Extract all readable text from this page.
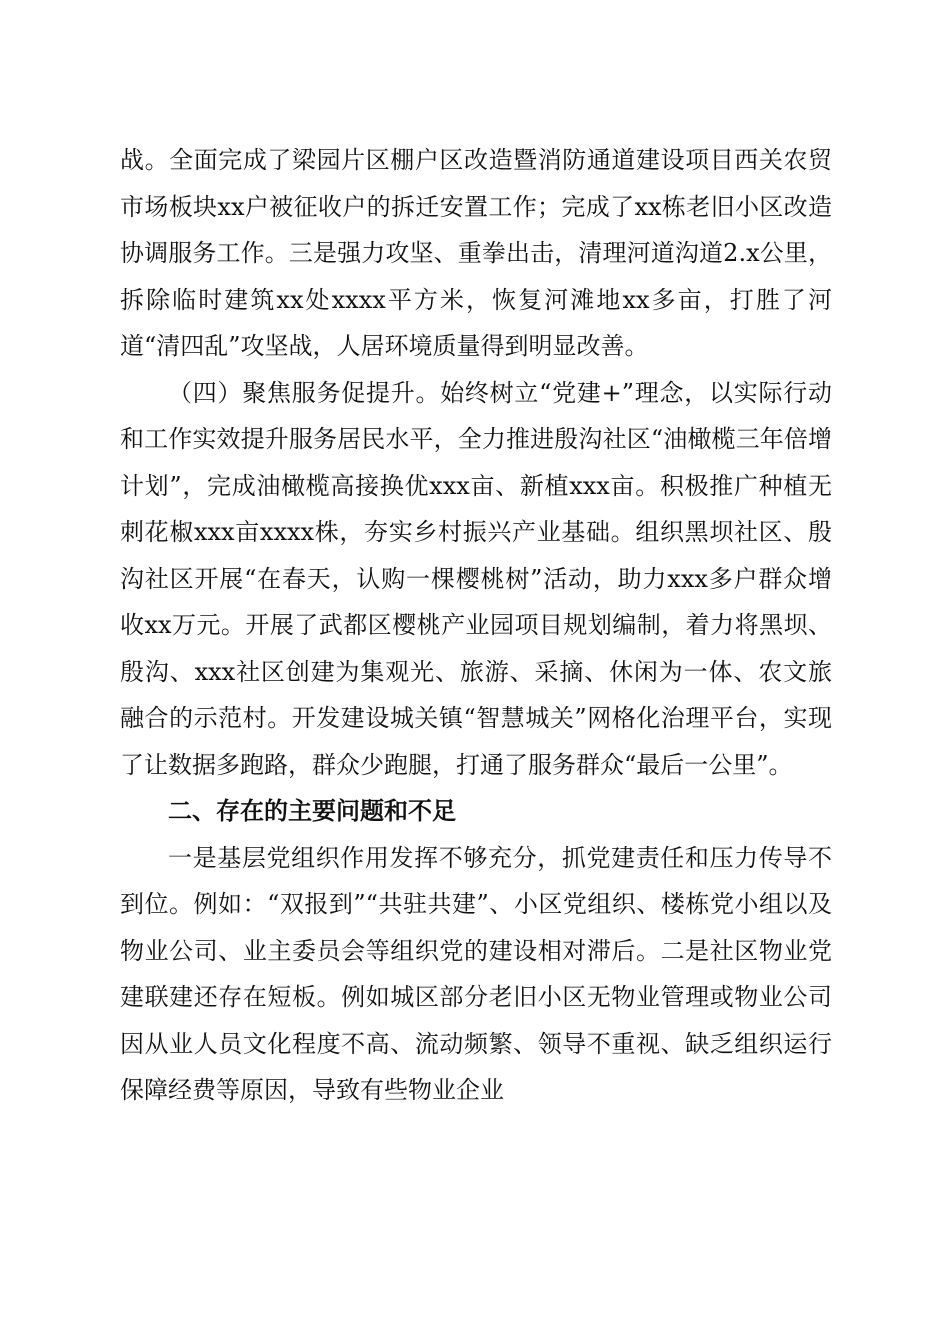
战。全面完成了梁园片区棚户区改造暨消防通道建设项目西关农贸市场板块xx户被征收户的拆迁安置工作；完成了xx栋老旧小区改造协调服务工作。三是强力攻坚、重拳出击，清理河道沟道2.x公里，拆除临时建筑xx处xxxx平方米，恢复河滩地xx多亩，打胜了河道“清四乱”攻坚战，人居环境质量得到明显改善。

（四）聚焦服务促提升。始终树立“党建+”理念，以实际行动和工作实效提升服务居民水平，全力推进殷沟社区“油橄榄三年倍增计划”，完成油橄榄高接换优xxx亩、新植xxx亩。积极推广种植无刺花椒xxx亩xxxx株，夯实乡村振兴产业基础。组织黑坝社区、殷沟社区开展“在春天，认购一棵樱桃树”活动，助力xxx多户群众增收xx万元。开展了武都区樱桃产业园项目规划编制，着力将黑坝、殷沟、xxx社区创建为集观光、旅游、采摘、休闲为一体、农文旅融合的示范村。开发建设城关镇“智慧城关”网格化治理平台，实现了让数据多跑路，群众少跑腿，打通了服务群众“最后一公里”。

二、存在的主要问题和不足

一是基层党组织作用发挥不够充分，抓党建责任和压力传导不到位。例如：“双报到”“共驻共建”、小区党组织、楼栋党小组以及物业公司、业主委员会等组织党的建设相对滞后。二是社区物业党建联建还存在短板。例如城区部分老旧小区无物业管理或物业公司因从业人员文化程度不高、流动频繁、领导不重视、缺乏组织运行保障经费等原因，导致有些物业企业
